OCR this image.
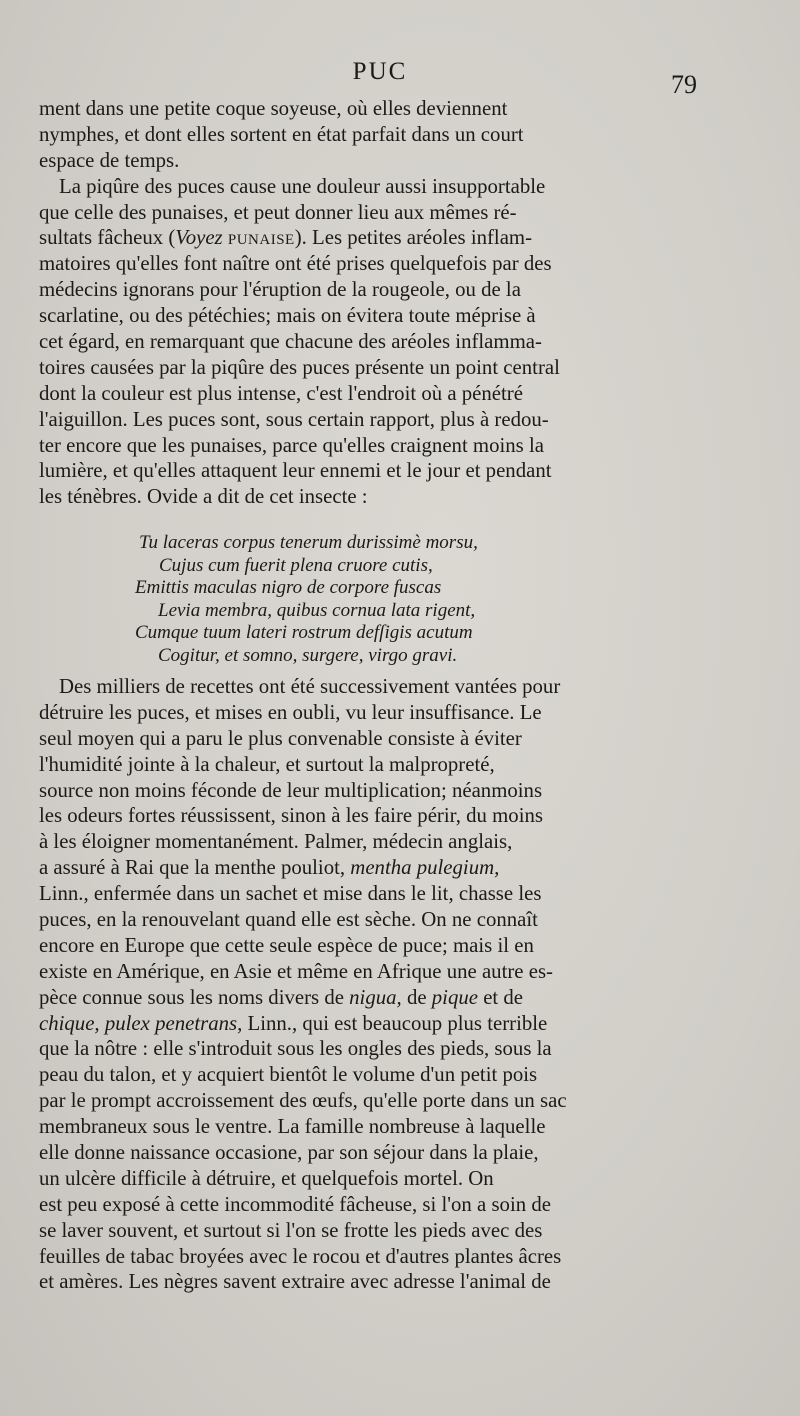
PUC	79
ment dans une petite coque soyeuse, où elles deviennent
nymphes, et dont elles sortent en état parfait dans un court
espace de temps.
La piqûre des puces cause une douleur aussi insupportable
que celle des punaises, et peut donner lieu aux mêmes ré-
sultats fâcheux (Voyez PUNAISE). Les petites aréoles inflam-
matoires qu'elles font naître ont été prises quelquefois par des
médecins ignorans pour l'éruption de la rougeole, ou de la
scarlatine, ou des pétéchies; mais on évitera toute méprise à
cet égard, en remarquant que chacune des aréoles inflamma-
toires causées par la piqûre des puces présente un point central
dont la couleur est plus intense, c'est l'endroit où a pénétré
l'aiguillon. Les puces sont, sous certain rapport, plus à redou-
ter encore que les punaises, parce qu'elles craignent moins la
lumière, et qu'elles attaquent leur ennemi et le jour et pendant
les ténèbres. Ovide a dit de cet insecte :
Tu laceras corpus tenerum durissimè morsu,
Cujus cum fuerit plena cruore cutis,
Emittis maculas nigro de corpore fuscas
Levia membra, quibus cornua lata rigent,
Cumque tuum lateri rostrum defſigis acutum
Cogitur, et somno, surgere, virgo gravi.
Des milliers de recettes ont été successivement vantées pour
détruire les puces, et mises en oubli, vu leur insuffisance. Le
seul moyen qui a paru le plus convenable consiste à éviter
l'humidité jointe à la chaleur, et surtout la malpropreté,
source non moins féconde de leur multiplication; néanmoins
les odeurs fortes réussissent, sinon à les faire périr, du moins
à les éloigner momentanément. Palmer, médecin anglais,
a assuré à Rai que la menthe pouliot, mentha pulegium,
Linn., enfermée dans un sachet et mise dans le lit, chasse les
puces, en la renouvelant quand elle est sèche. On ne connaît
encore en Europe que cette seule espèce de puce; mais il en
existe en Amérique, en Asie et même en Afrique une autre es-
pèce connue sous les noms divers de nigua, de pique et de
chique, pulex penetrans, Linn., qui est beaucoup plus terrible
que la nôtre : elle s'introduit sous les ongles des pieds, sous la
peau du talon, et y acquiert bientôt le volume d'un petit pois
par le prompt accroissement des œufs, qu'elle porte dans un sac
membraneux sous le ventre. La famille nombreuse à laquelle
elle donne naissance occasione, par son séjour dans la plaie,
un ulcère difficile à détruire, et quelquefois mortel. On
est peu exposé à cette incommodité fâcheuse, si l'on a soin de
se laver souvent, et surtout si l'on se frotte les pieds avec des
feuilles de tabac broyées avec le rocou et d'autres plantes âcres
et amères. Les nègres savent extraire avec adresse l'animal de
